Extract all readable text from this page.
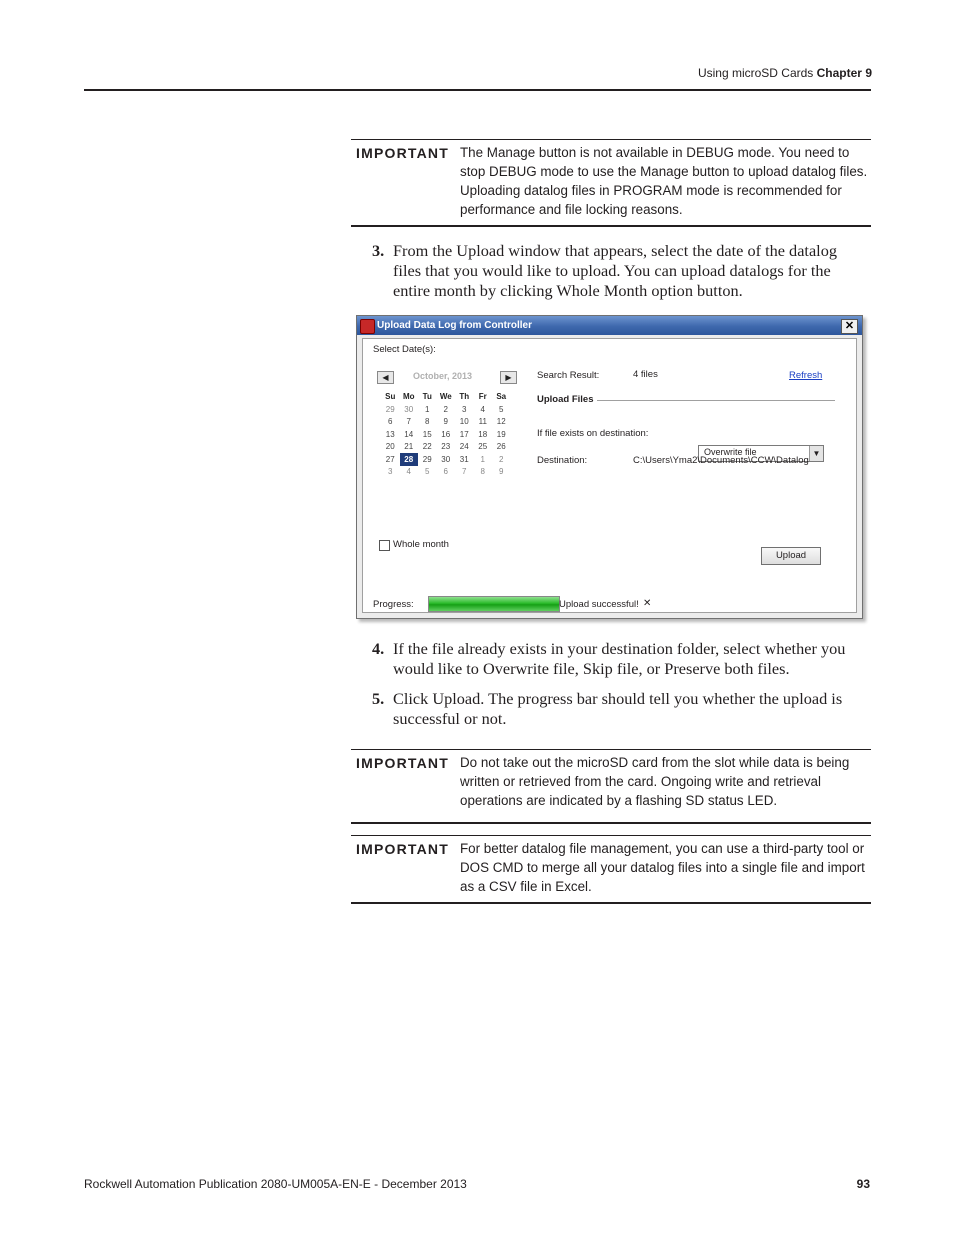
Using microSD Cards Chapter 9
IMPORTANT The Manage button is not available in DEBUG mode. You need to stop DEBUG mode to use the Manage button to upload datalog files. Uploading datalog files in PROGRAM mode is recommended for performance and file locking reasons.
3. From the Upload window that appears, select the date of the datalog files that you would like to upload. You can upload datalogs for the entire month by clicking Whole Month option button.
Upload Data Log from Controller	✕
Select Date(s):
◀	October, 2013	▶
Su	Mo	Tu	We	Th	Fr	Sa
29	30	1	2	3	4	5
6	7	8	9	10	11	12
13	14	15	16	17	18	19
20	21	22	23	24	25	26
27	28	29	30	31	1	2
3	4	5	6	7	8	9
Search Result:	4 files	Refresh
Upload Files
If file exists on destination:
Overwrite file	▼
Destination:	C:\Users\Yma2\Documents\CCW\Datalog
Whole month
Upload
Progress:	Upload successful! ✕
4. If the file already exists in your destination folder, select whether you would like to Overwrite file, Skip file, or Preserve both files.
5. Click Upload. The progress bar should tell you whether the upload is successful or not.
IMPORTANT Do not take out the microSD card from the slot while data is being written or retrieved from the card. Ongoing write and retrieval operations are indicated by a flashing SD status LED.
IMPORTANT For better datalog file management, you can use a third-party tool or DOS CMD to merge all your datalog files into a single file and import as a CSV file in Excel.
Rockwell Automation Publication 2080-UM005A-EN-E - December 2013	93
